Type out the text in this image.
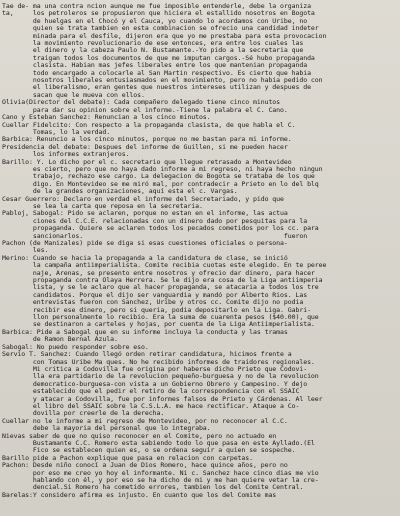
Tae de- ma una contra ncion aunque me fue imposible entenderle, debe la organiza
ta,     los petroleros se propusieron que hiciera el estallido nosotros en Bogota
de huelgas en el Chocó y el Cauca, yo cuando lo acordamos con Uribe, no
quien se trata tambien en esta combinacion se ofrecio una candidad indeter
minada para el desfile, dijeron era que yo me prestaba para esta provocacion
la movimiento revolucionario de ese entonces, era entre los cuales las
el dinero y la cabeza Paulo N. Bustamante.-Yo pido a la secretaria que
traigan todos los documentos de que me imputan cargos.-Sé hubo propaganda
clasista. Habian mas jefes liberales entre los que mantenian propaganda
todo encargado a colocarle al San Martin respectivo. Es cierto que habia
nosotros liberales entusiasmados en el movimiento, pero no habia pedido con
el liberalismo, eran gentes que nuestros intereses utilizan y despues de
sacan que le mueva con ellos.
Olivia(Director del debate): Cada compañero delegado tiene cinco minutos
para dar su opinion sobre el informe.-Tiene la palabra el C. Cano.
Cano y Esteban Sanchez: Renuncian a los cinco minutos.
Cuellar Fidelcito: Con respecto a la propaganda clasista, de que habla el C.
Tomas, lo la verdad.
Barbica: Renuncio a los cinco minutos, porque no me bastan para mi informe.
Presidencia del debate: Despues del informe de Guillen, si me pueden hacer
los informes extranjeros.
Barillo: Y. Lo dicho por el c. secretario que llegue retrasado a Montevideo
es cierto, pero que no haya dado informe a mi regreso, ni haya hecho ningun
trabajo, rechazo ese cargo. La delegacion de Bogota se trataba de los que
digo. En Montevideo se me miró mal, por contradecir a Prieto en lo del blq
de la grandes organizaciones, aquí esta el c. Vargas.
Cesar Guerrero: Declaro en verdad el informe del Secretariado, y pido que
se lea la carta que reposa en la secretaria.
Pabloj, Sabogal: Pido se aclaren, porque no estan en el informe, las actua
ciones del C.C.E. relacionadas con un dinero dado por pesquitas para la
propaganda. Quiere se aclaren todos los pecados cometidos por los cc. para
sancionarlos.                                                    fueron
Pachon (de Manizales) pide se diga si esas cuestiones oficiales o persona-
les.
Merino: Cuando se hacia la propaganda a la candidatura de clase, se inició
la campaña antiimperialista. Comite recibia cuotas este elegido. En te peree
naje, Arenas, se presento entre nosotros y ofrecio dar dinero, para hacer
propaganda contra Olaya Herrera. Se le dijo era cosa de la Liga antiimperia
lista, y se le aclaro que al hacer propaganda, se atacaria a todos los tre
candidatos. Porque el dijo ser vanguardia y mandó por Alberto Rios. Las
entrevistas fueron con Sanchez, Uribe y otros cc. Comite dijo no podia
recibir ese dinero, pero si queria, podia depositarlo en la Liga. Gabri-
llon personalmente lo recibio. Era la suma de cuarenta pesos ($40.00), que
se destinaron a carteles y hojas, por cuenta de la Liga Antiimperialista.
Barbica: Pide a Sabogal que en su informe incluya la conducta y las tramas
de Ramon Bernal Azula.
Sabogal: No puedo responder sobre eso.
Servio T. Sanchez: Cuando llegó orden retirar candidatura, hicimos frente a
con Tomas Uribe Ma ques. No he recibido informes de traidores regionales.
Mi critica a Codovilla fue origina por haberse dicho Prieto que Codovi-
lla era partidario de la revolucion pequeño-burguesa y no de la revolucion
democratico-burguesa-con vista a un Gobierno Obrero y Campesino. Y dejo
establecido que el pedir el retiro de la correspondencia con el SSAIC
y atacar a Codovilla, fue por informes falsos de Prieto y Cárdenas. Al leer
el libro del SSAIC sobre la C.S.L.A. me hace rectificar. Ataque a Co-
dovilla por creerle de la derecha.
Cuellar no le informe a mi regreso de Montevideo, por no reconocer al C.C.
debe la mayoria del personal que lo integraba.
Nievas saber de que no quiso reconocer en el Comite, pero no actuado en
Bustamante C.C. Romero esta sabiendo todo lo que pasa en este Ayllado.(El
Fico se establecen quien es, o se ordena seguir a quien se sospeche.
Barillo pide a Pachon explique que pasa en relacion con carpetas.
Pachon: Desde niño conocí a Juan de Dios Romero, hace quince años, pero no
por eso me creo yo hoy el informante. Ni c. Sanchez hace cinco dias me vio
hablando con él, y por eso se ha dicho de mi y me han quiere vetar la cre-
dencial.Si Romero ha cometido errores, tambien los del Comite Central.
Barelas:Y considero afirma es injusto. En cuanto que los del Comite mas
